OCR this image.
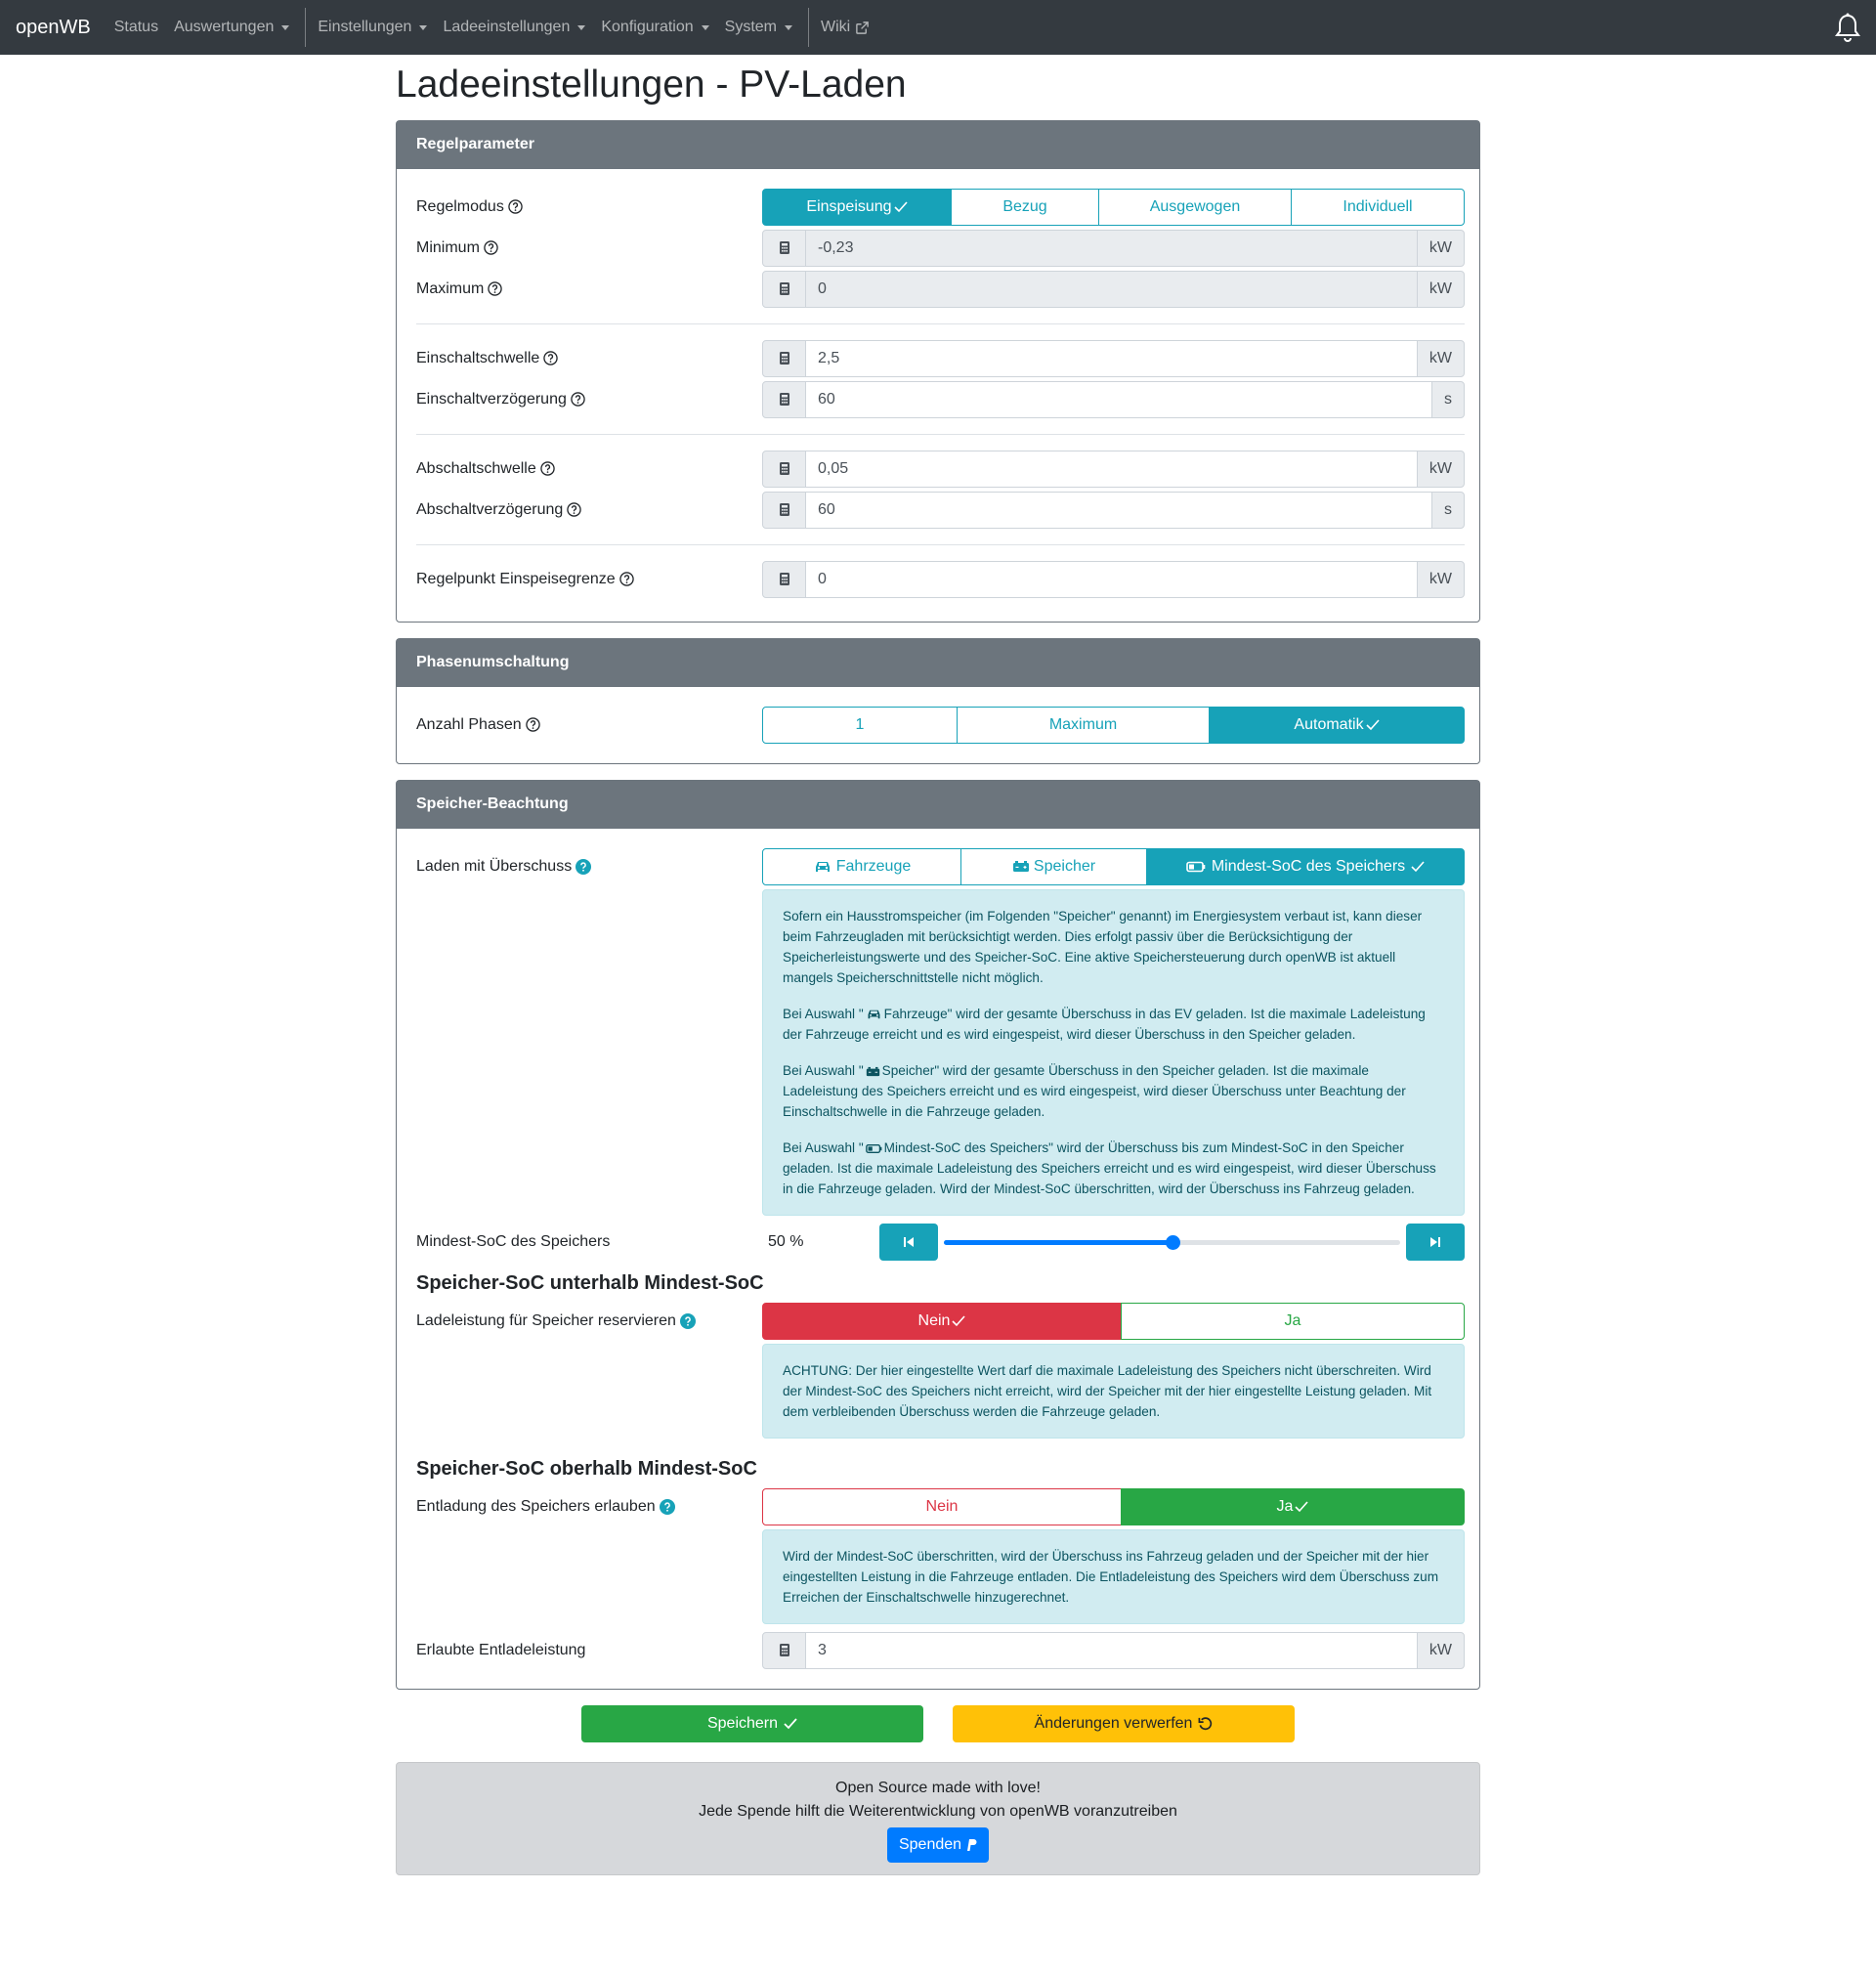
openWB Status Auswertungen	Einstellungen Ladeeinstellungen Konfiguration System	Wiki
Ladeeinstellungen - PV-Laden
Regelparameter
Regelmodus	Einspeisung	Bezug	Ausgewogen	Individuell
Minimum	-0,23	kW
Maximum	0	kW
Einschaltschwelle	2,5	kW
Einschaltverzögerung	60	s
Abschaltschwelle	0,05	kW
Abschaltverzögerung	60	s
Regelpunkt Einspeisegrenze	0	kW
Phasenumschaltung
Anzahl Phasen	1	Maximum	Automatik
Speicher-Beachtung
Laden mit Überschuss	Fahrzeuge	Speicher	Mindest-SoC des Speichers

Sofern ein Hausstromspeicher (im Folgenden "Speicher" genannt) im Energiesystem verbaut ist, kann dieser beim Fahrzeugladen mit berücksichtigt werden. Dies erfolgt passiv über die Berücksichtigung der Speicherleistungswerte und des Speicher-SoC. Eine aktive Speichersteuerung durch openWB ist aktuell mangels Speicherschnittstelle nicht möglich.

Bei Auswahl " Fahrzeuge" wird der gesamte Überschuss in das EV geladen. Ist die maximale Ladeleistung der Fahrzeuge erreicht und es wird eingespeist, wird dieser Überschuss in den Speicher geladen.

Bei Auswahl " Speicher" wird der gesamte Überschuss in den Speicher geladen. Ist die maximale Ladeleistung des Speichers erreicht und es wird eingespeist, wird dieser Überschuss unter Beachtung der Einschaltschwelle in die Fahrzeuge geladen.

Bei Auswahl " Mindest-SoC des Speichers" wird der Überschuss bis zum Mindest-SoC in den Speicher geladen. Ist die maximale Ladeleistung des Speichers erreicht und es wird eingespeist, wird dieser Überschuss in die Fahrzeuge geladen. Wird der Mindest-SoC überschritten, wird der Überschuss ins Fahrzeug geladen.

Mindest-SoC des Speichers	50 %
Speicher-SoC unterhalb Mindest-SoC
Ladeleistung für Speicher reservieren	Nein	Ja
ACHTUNG: Der hier eingestellte Wert darf die maximale Ladeleistung des Speichers nicht überschreiten. Wird der Mindest-SoC des Speichers nicht erreicht, wird der Speicher mit der hier eingestellte Leistung geladen. Mit dem verbleibenden Überschuss werden die Fahrzeuge geladen.
Speicher-SoC oberhalb Mindest-SoC
Entladung des Speichers erlauben	Nein	Ja
Wird der Mindest-SoC überschritten, wird der Überschuss ins Fahrzeug geladen und der Speicher mit der hier eingestellten Leistung in die Fahrzeuge entladen. Die Entladeleistung des Speichers wird dem Überschuss zum Erreichen der Einschaltschwelle hinzugerechnet.
Erlaubte Entladeleistung	3	kW
Speichern	Änderungen verwerfen
Open Source made with love!
Jede Spende hilft die Weiterentwicklung von openWB voranzutreiben
Spenden
